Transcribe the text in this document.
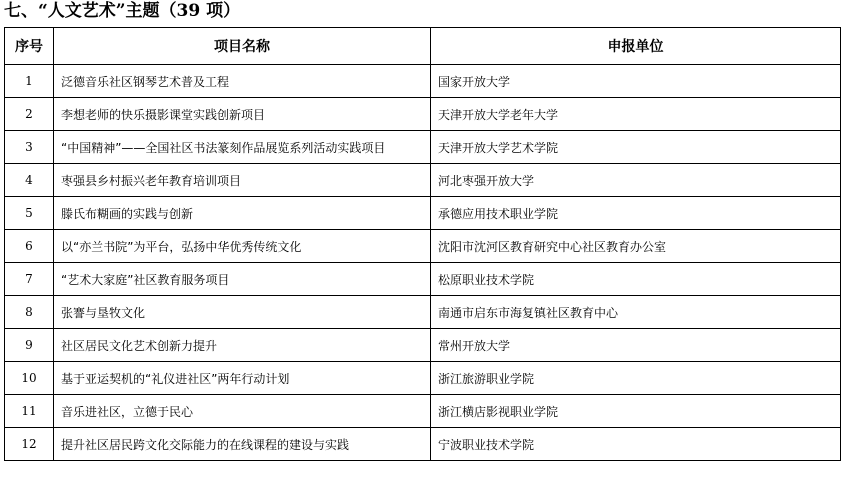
七、“人文艺术”主题（39 项）
序号	项目名称	申报单位
1	泛德音乐社区钢琴艺术普及工程	国家开放大学
2	李想老师的快乐摄影课堂实践创新项目	天津开放大学老年大学
3	“中国精神”——全国社区书法篆刻作品展览系列活动实践项目	天津开放大学艺术学院
4	枣强县乡村振兴老年教育培训项目	河北枣强开放大学
5	滕氏布糊画的实践与创新	承德应用技术职业学院
6	以“亦兰书院”为平台，弘扬中华优秀传统文化	沈阳市沈河区教育研究中心社区教育办公室
7	“艺术大家庭”社区教育服务项目	松原职业技术学院
8	张謇与垦牧文化	南通市启东市海复镇社区教育中心
9	社区居民文化艺术创新力提升	常州开放大学
10	基于亚运契机的“礼仪进社区”两年行动计划	浙江旅游职业学院
11	音乐进社区，立德于民心	浙江横店影视职业学院
12	提升社区居民跨文化交际能力的在线课程的建设与实践	宁波职业技术学院
